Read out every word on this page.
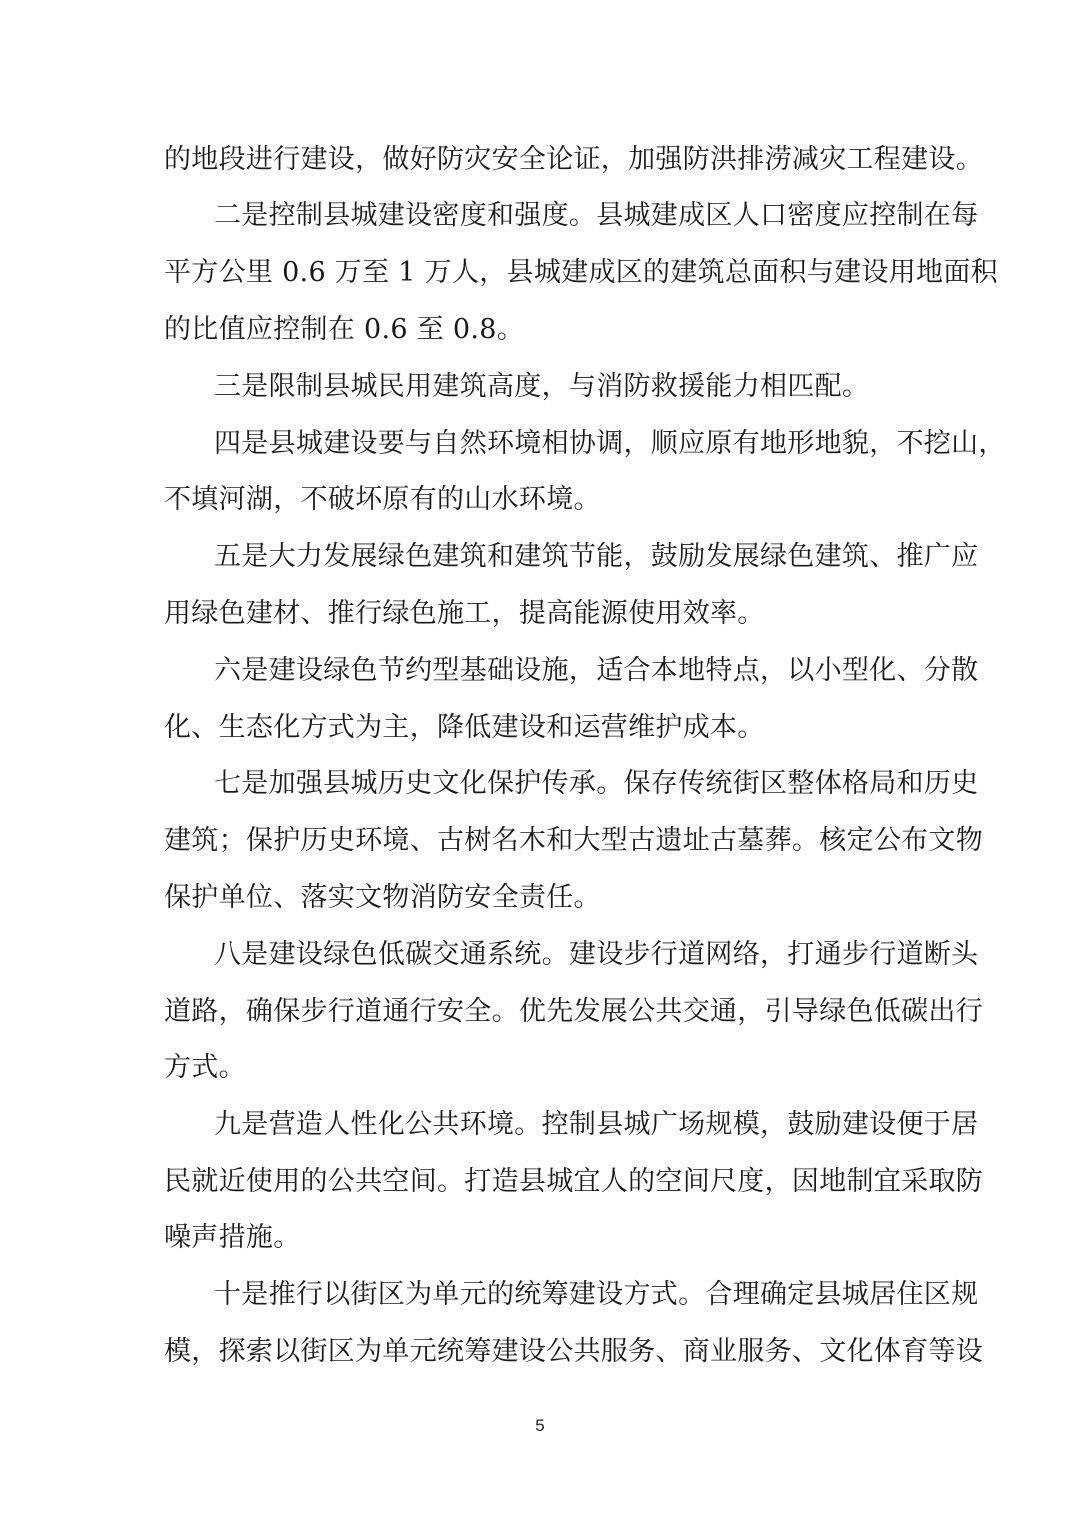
的地段进行建设，做好防灾安全论证，加强防洪排涝减灾工程建设。
二是控制县城建设密度和强度。县城建成区人口密度应控制在每
平方公里 0.6 万至 1 万人，县城建成区的建筑总面积与建设用地面积
的比值应控制在 0.6 至 0.8。
三是限制县城民用建筑高度，与消防救援能力相匹配。
四是县城建设要与自然环境相协调，顺应原有地形地貌，不挖山，
不填河湖，不破坏原有的山水环境。
五是大力发展绿色建筑和建筑节能，鼓励发展绿色建筑、推广应
用绿色建材、推行绿色施工，提高能源使用效率。
六是建设绿色节约型基础设施，适合本地特点，以小型化、分散
化、生态化方式为主，降低建设和运营维护成本。
七是加强县城历史文化保护传承。保存传统街区整体格局和历史
建筑；保护历史环境、古树名木和大型古遗址古墓葬。核定公布文物
保护单位、落实文物消防安全责任。
八是建设绿色低碳交通系统。建设步行道网络，打通步行道断头
道路，确保步行道通行安全。优先发展公共交通，引导绿色低碳出行
方式。
九是营造人性化公共环境。控制县城广场规模，鼓励建设便于居
民就近使用的公共空间。打造县城宜人的空间尺度，因地制宜采取防
噪声措施。
十是推行以街区为单元的统筹建设方式。合理确定县城居住区规
模，探索以街区为单元统筹建设公共服务、商业服务、文化体育等设
5
